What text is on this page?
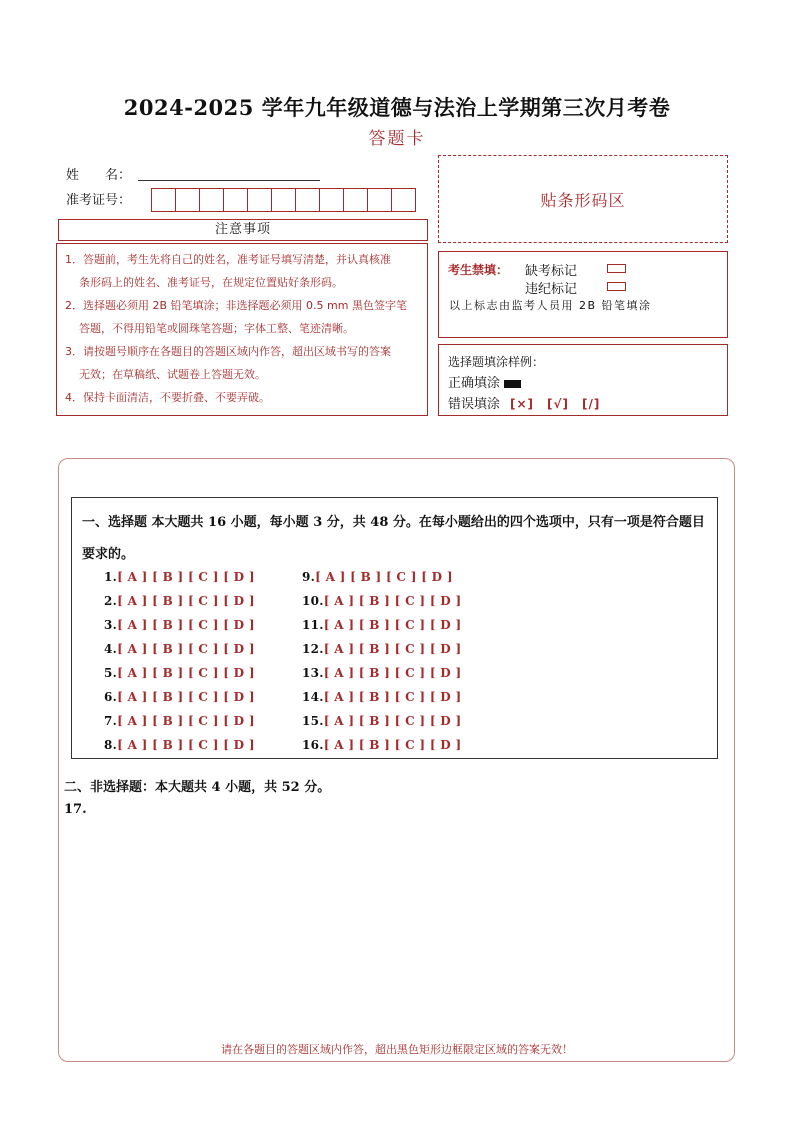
2024-2025 学年九年级道德与法治上学期第三次月考卷
答题卡
姓　　名：
准考证号：	贴条形码区
注意事项

1．答题前，考生先将自己的姓名，准考证号填写清楚，并认真核准

条形码上的姓名、准考证号，在规定位置贴好条形码。

2．选择题必须用 2B 铅笔填涂；非选择题必须用 0.5 mm 黑色签字笔

答题，不得用铅笔或圆珠笔答题；字体工整、笔迹清晰。

3．请按题号顺序在各题目的答题区域内作答，超出区域书写的答案

无效；在草稿纸、试题卷上答题无效。

4．保持卡面清洁，不要折叠、不要弄破。

考生禁填： 缺考标记
违纪标记
以上标志由监考人员用 2B 铅笔填涂
选择题填涂样例：
正确填涂
错误填涂 [×]　[√]　[/]
一、选择题 本大题共 16 小题，每小题 3 分，共 48 分。在每小题给出的四个选项中，只有一项是符合题目要求的。
1.[ A ] [ B ] [ C ] [ D ]
2.[ A ] [ B ] [ C ] [ D ]
3.[ A ] [ B ] [ C ] [ D ]
4.[ A ] [ B ] [ C ] [ D ]
5.[ A ] [ B ] [ C ] [ D ]
6.[ A ] [ B ] [ C ] [ D ]
7.[ A ] [ B ] [ C ] [ D ]
8.[ A ] [ B ] [ C ] [ D ]
9.[ A ] [ B ] [ C ] [ D ]
10.[ A ] [ B ] [ C ] [ D ]
11.[ A ] [ B ] [ C ] [ D ]
12.[ A ] [ B ] [ C ] [ D ]
13.[ A ] [ B ] [ C ] [ D ]
14.[ A ] [ B ] [ C ] [ D ]
15.[ A ] [ B ] [ C ] [ D ]
16.[ A ] [ B ] [ C ] [ D ]
二、非选择题：本大题共 4 小题，共 52 分。
17.
请在各题目的答题区域内作答，超出黑色矩形边框限定区域的答案无效！
